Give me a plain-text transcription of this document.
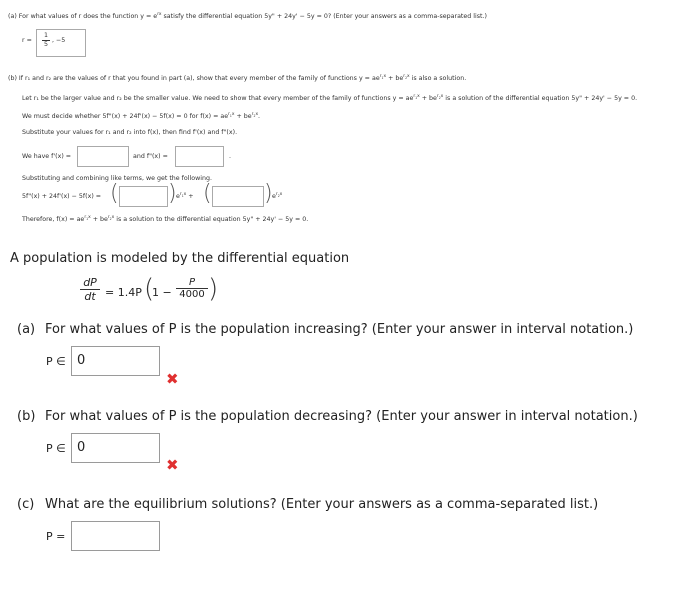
(a) For what values of r does the function $y = e^{rx}$ satisfy the differential equation 5y" + 24y' − 5y = 0? (Enter your answers as a comma-separated list.)
$r = \frac{1}{5}$ , −5
(b) If r₁ and r₂ are the values of r that you found in part (a), show that every member of the family of functions $y = ae^{r_1x} + be^{r_2x}$ is also a solution.
Let r₁ be the larger value and r₂ be the smaller value. We need to show that every member of the family of functions $y = ae^{r_1x} + be^{r_2x}$ is a solution of the differential equation 5y" + 24y' − 5y = 0.
We must decide whether 5f"(x) + 24f'(x) − 5f(x) = 0 for $f(x) = ae^{r_1x} + be^{r_2x}$.
Substitute your values for r₁ and r₂ into f(x), then find f'(x) and f"(x).
We have f'(x) =	and f"(x) =	.
Substituting and combining like terms, we get the following.
5f"(x) + 24f'(x) − 5f(x) = ( ) $e^{r_1x}$ + ( ) $e^{r_2x}$
Therefore, $f(x) = ae^{r_1x} + be^{r_2x}$ is a solution to the differential equation 5y" + 24y' − 5y = 0.
A population is modeled by the differential equation
dP
dt = 1.4P (
$1 - \frac{P}{4000}$ )
(a) For what values of P is the population increasing? (Enter your answer in interval notation.)
P ∈ 0
✖
(b) For what values of P is the population decreasing? (Enter your answer in interval notation.)
P ∈ 0
✖
(c) What are the equilibrium solutions? (Enter your answers as a comma-separated list.)
P =
